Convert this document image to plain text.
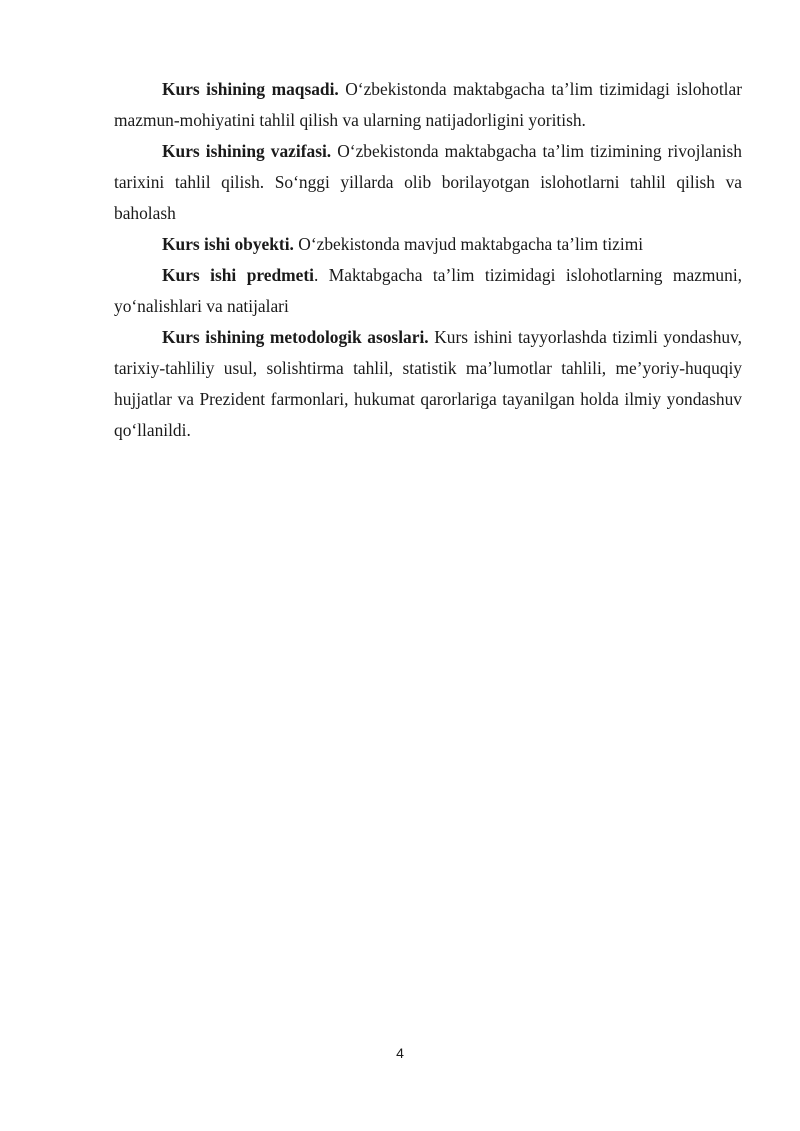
Kurs ishining maqsadi. O‘zbekistonda maktabgacha ta’lim tizimidagi islohotlar mazmun-mohiyatini tahlil qilish va ularning natijadorligini yoritish.

Kurs ishining vazifasi. O‘zbekistonda maktabgacha ta’lim tizimining rivojlanish tarixini tahlil qilish. So‘nggi yillarda olib borilayotgan islohotlarni tahlil qilish va baholash

Kurs ishi obyekti. O‘zbekistonda mavjud maktabgacha ta’lim tizimi

Kurs ishi predmeti. Maktabgacha ta’lim tizimidagi islohotlarning mazmuni, yo‘nalishlari va natijalari

Kurs ishining metodologik asoslari. Kurs ishini tayyorlashda tizimli yondashuv, tarixiy-tahliliy usul, solishtirma tahlil, statistik ma’lumotlar tahlili, me’yoriy-huquqiy hujjatlar va Prezident farmonlari, hukumat qarorlariga tayanilgan holda ilmiy yondashuv qo‘llanildi.

4
